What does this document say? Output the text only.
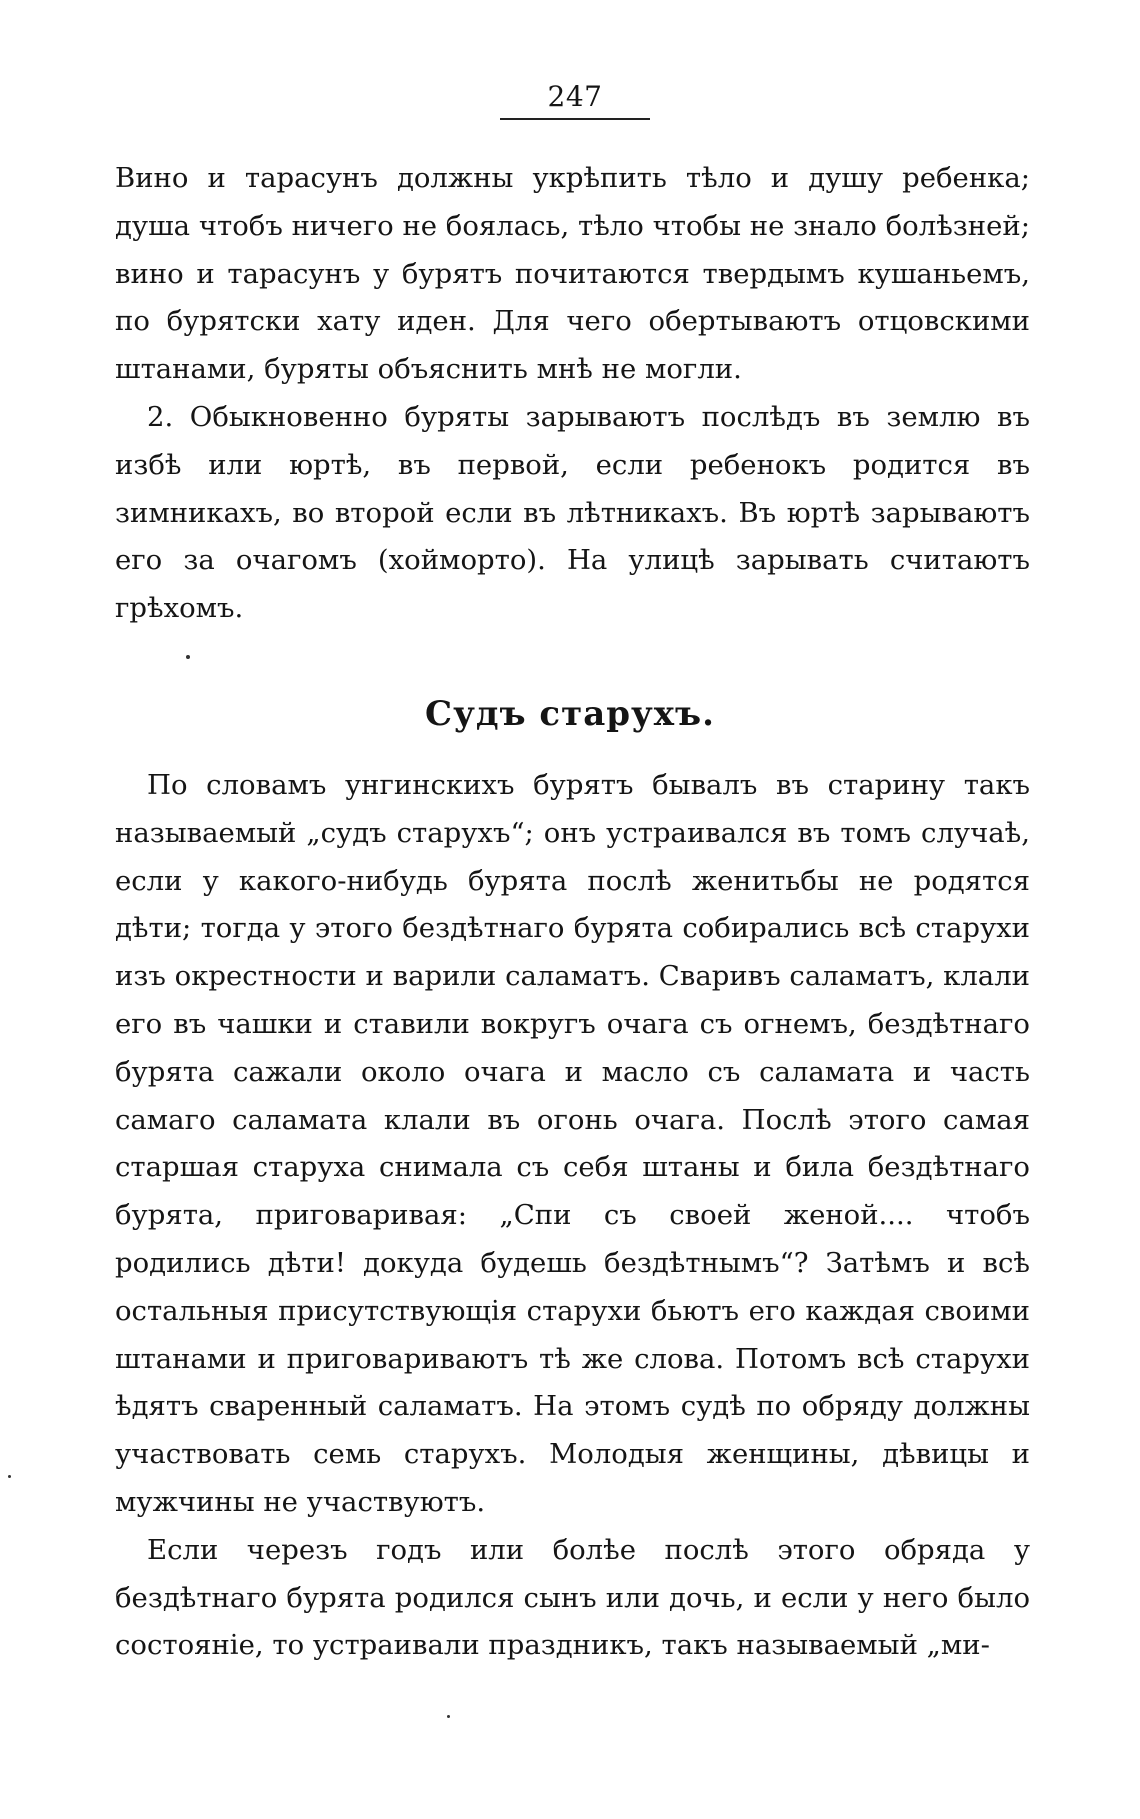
247

Вино и тарасунъ должны укрѣпить тѣло и душу ребенка; душа чтобъ ничего не боялась, тѣло чтобы не знало болѣзней; вино и тарасунъ у бурятъ почитаются твердымъ кушаньемъ, по бурятски хату иден. Для чего обертываютъ отцовскими штанами, буряты объяснить мнѣ не могли.

2. Обыкновенно буряты зарываютъ послѣдъ въ землю въ избѣ или юртѣ, въ первой, если ребенокъ родится въ зимникахъ, во второй если въ лѣтникахъ. Въ юртѣ зарываютъ его за очагомъ (хойморто). На улицѣ зарывать считаютъ грѣхомъ.

Судъ старухъ.

По словамъ унгинскихъ бурятъ бывалъ въ старину такъ называемый „судъ старухъ“; онъ устраивался въ томъ случаѣ, если у какого-нибудь бурята послѣ женитьбы не родятся дѣти; тогда у этого бездѣтнаго бурята собирались всѣ старухи изъ окрестности и варили саламатъ. Сваривъ саламатъ, клали его въ чашки и ставили вокругъ очага съ огнемъ, бездѣтнаго бурята сажали около очага и масло съ саламата и часть самаго саламата клали въ огонь очага. Послѣ этого самая старшая старуха снимала съ себя штаны и била бездѣтнаго бурята, приговаривая: „Спи съ своей женой.... чтобъ родились дѣти! докуда будешь бездѣтнымъ“? Затѣмъ и всѣ остальныя присутствующія старухи бьютъ его каждая своими штанами и приговариваютъ тѣ же слова. Потомъ всѣ старухи ѣдятъ сваренный саламатъ. На этомъ судѣ по обряду должны участвовать семь старухъ. Молодыя женщины, дѣвицы и мужчины не участвуютъ.

Если черезъ годъ или болѣе послѣ этого обряда у бездѣтнаго бурята родился сынъ или дочь, и если у него было состояніе, то устраивали праздникъ, такъ называемый „ми-
